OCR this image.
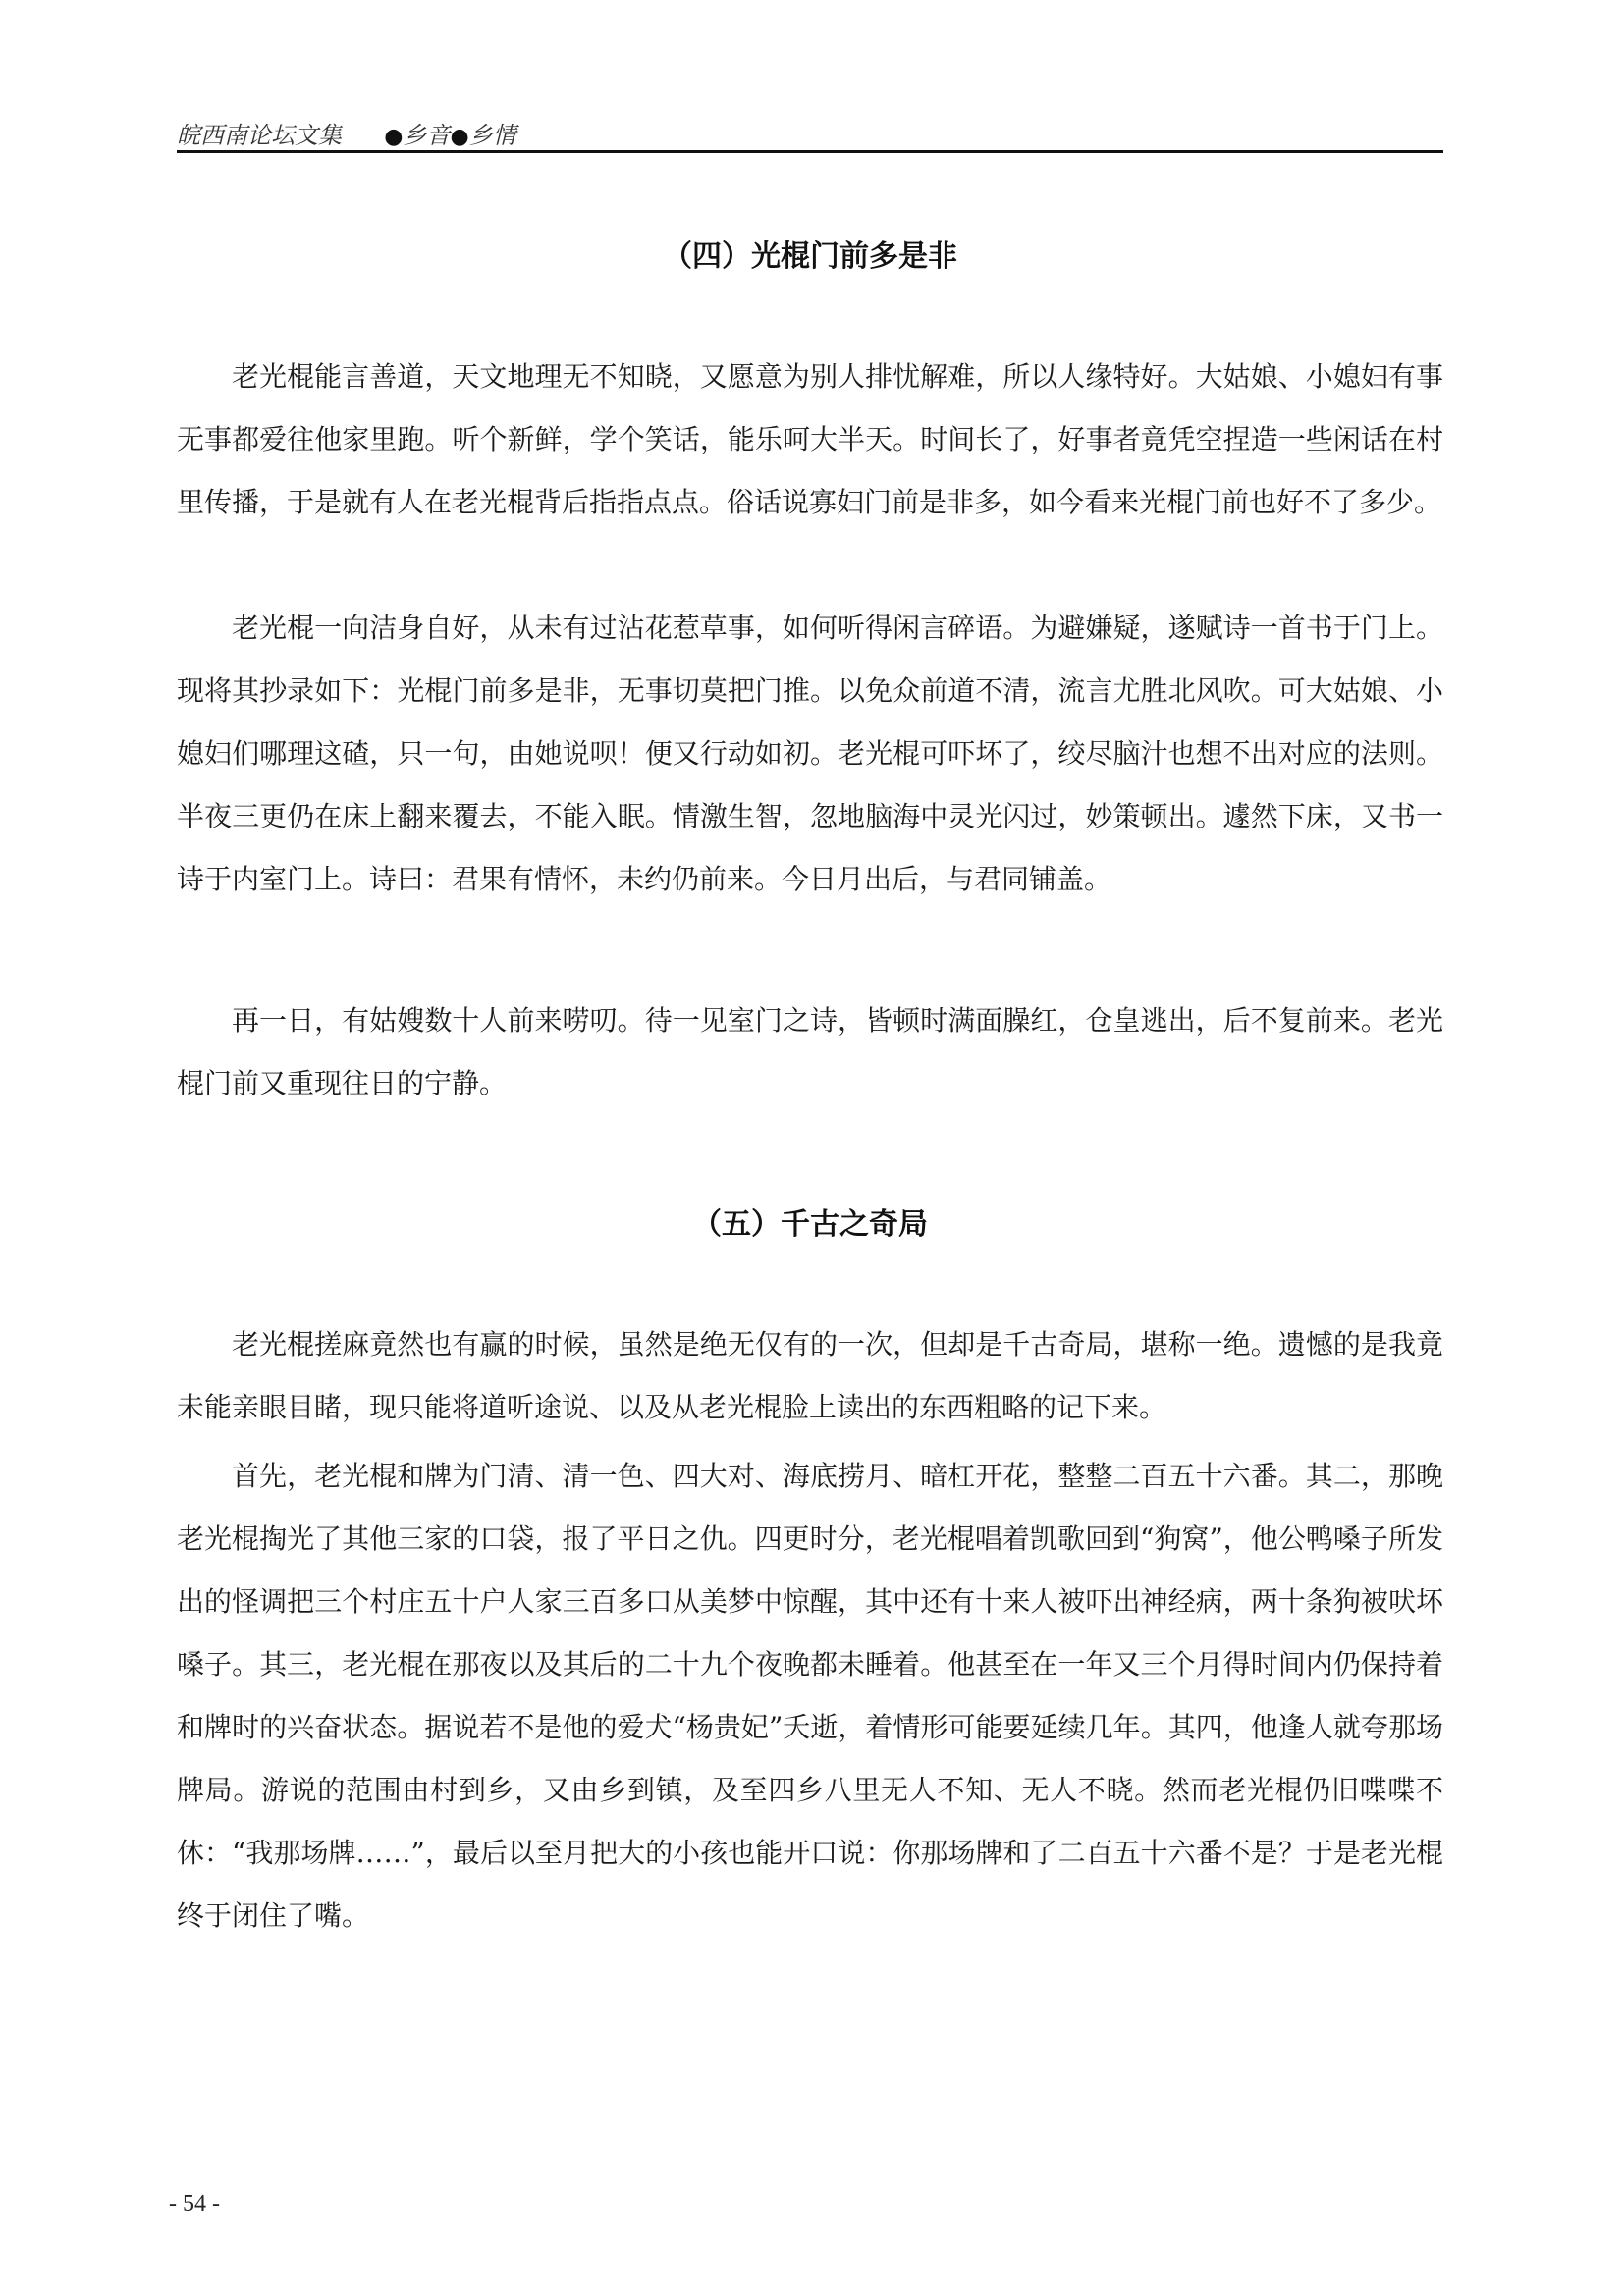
皖西南论坛文集 ●乡音●乡情
（四）光棍门前多是非

老光棍能言善道，天文地理无不知晓，又愿意为别人排忧解难，所以人缘特好。大姑娘、小媳妇有事无事都爱往他家里跑。听个新鲜，学个笑话，能乐呵大半天。时间长了，好事者竟凭空捏造一些闲话在村里传播，于是就有人在老光棍背后指指点点。俗话说寡妇门前是非多，如今看来光棍门前也好不了多少。

老光棍一向洁身自好，从未有过沾花惹草事，如何听得闲言碎语。为避嫌疑，遂赋诗一首书于门上。现将其抄录如下：光棍门前多是非，无事切莫把门推。以免众前道不清，流言尤胜北风吹。可大姑娘、小媳妇们哪理这碴，只一句，由她说呗！便又行动如初。老光棍可吓坏了，绞尽脑汁也想不出对应的法则。半夜三更仍在床上翻来覆去，不能入眠。情激生智，忽地脑海中灵光闪过，妙策顿出。遽然下床，又书一诗于内室门上。诗曰：君果有情怀，未约仍前来。今日月出后，与君同铺盖。

再一日，有姑嫂数十人前来唠叨。待一见室门之诗，皆顿时满面臊红，仓皇逃出，后不复前来。老光棍门前又重现往日的宁静。

（五）千古之奇局

老光棍搓麻竟然也有赢的时候，虽然是绝无仅有的一次，但却是千古奇局，堪称一绝。遗憾的是我竟未能亲眼目睹，现只能将道听途说、以及从老光棍脸上读出的东西粗略的记下来。

首先，老光棍和牌为门清、清一色、四大对、海底捞月、暗杠开花，整整二百五十六番。其二，那晚老光棍掏光了其他三家的口袋，报了平日之仇。四更时分，老光棍唱着凯歌回到“狗窝”，他公鸭嗓子所发出的怪调把三个村庄五十户人家三百多口从美梦中惊醒，其中还有十来人被吓出神经病，两十条狗被吠坏嗓子。其三，老光棍在那夜以及其后的二十九个夜晚都未睡着。他甚至在一年又三个月得时间内仍保持着和牌时的兴奋状态。据说若不是他的爱犬“杨贵妃”夭逝，着情形可能要延续几年。其四，他逢人就夸那场牌局。游说的范围由村到乡，又由乡到镇，及至四乡八里无人不知、无人不晓。然而老光棍仍旧喋喋不休：“我那场牌……”，最后以至月把大的小孩也能开口说：你那场牌和了二百五十六番不是？于是老光棍终于闭住了嘴。

- 54 -
